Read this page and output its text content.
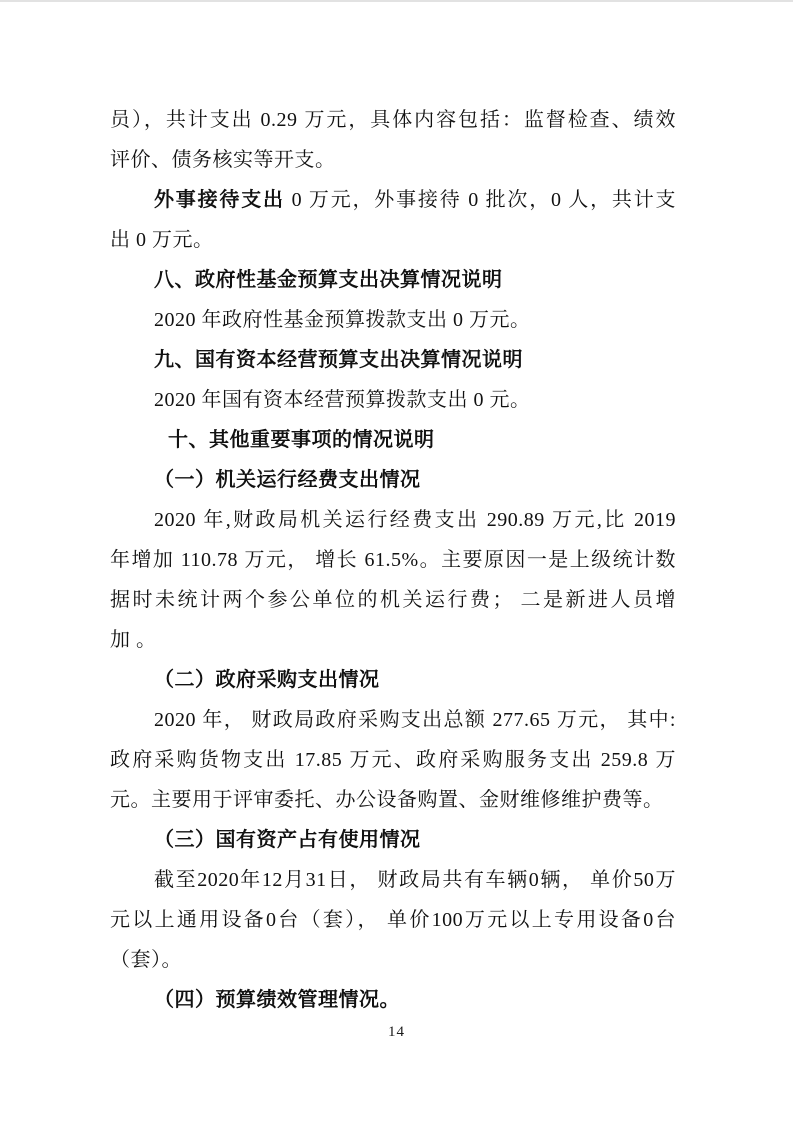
员），共计支出 0.29 万元，具体内容包括：监督检查、绩效
评价、债务核实等开支。
外事接待支出 0 万元，外事接待 0 批次，0 人，共计支
出 0 万元。
八、政府性基金预算支出决算情况说明
2020 年政府性基金预算拨款支出 0 万元。
九、国有资本经营预算支出决算情况说明
2020 年国有资本经营预算拨款支出 0 元。
十、其他重要事项的情况说明
（一）机关运行经费支出情况
2020 年,财政局机关运行经费支出 290.89 万元,比 2019
年增加 110.78 万元， 增长 61.5%。主要原因一是上级统计数
据时未统计两个参公单位的机关运行费； 二是新进人员增
加 。
（二）政府采购支出情况
2020 年， 财政局政府采购支出总额 277.65 万元， 其中:
政府采购货物支出 17.85 万元、政府采购服务支出 259.8 万
元。主要用于评审委托、办公设备购置、金财维修维护费等。
（三）国有资产占有使用情况
截至2020年12月31日， 财政局共有车辆0辆， 单价50万
元以上通用设备0台（套）， 单价100万元以上专用设备0台
（套）。
（四）预算绩效管理情况。
14
